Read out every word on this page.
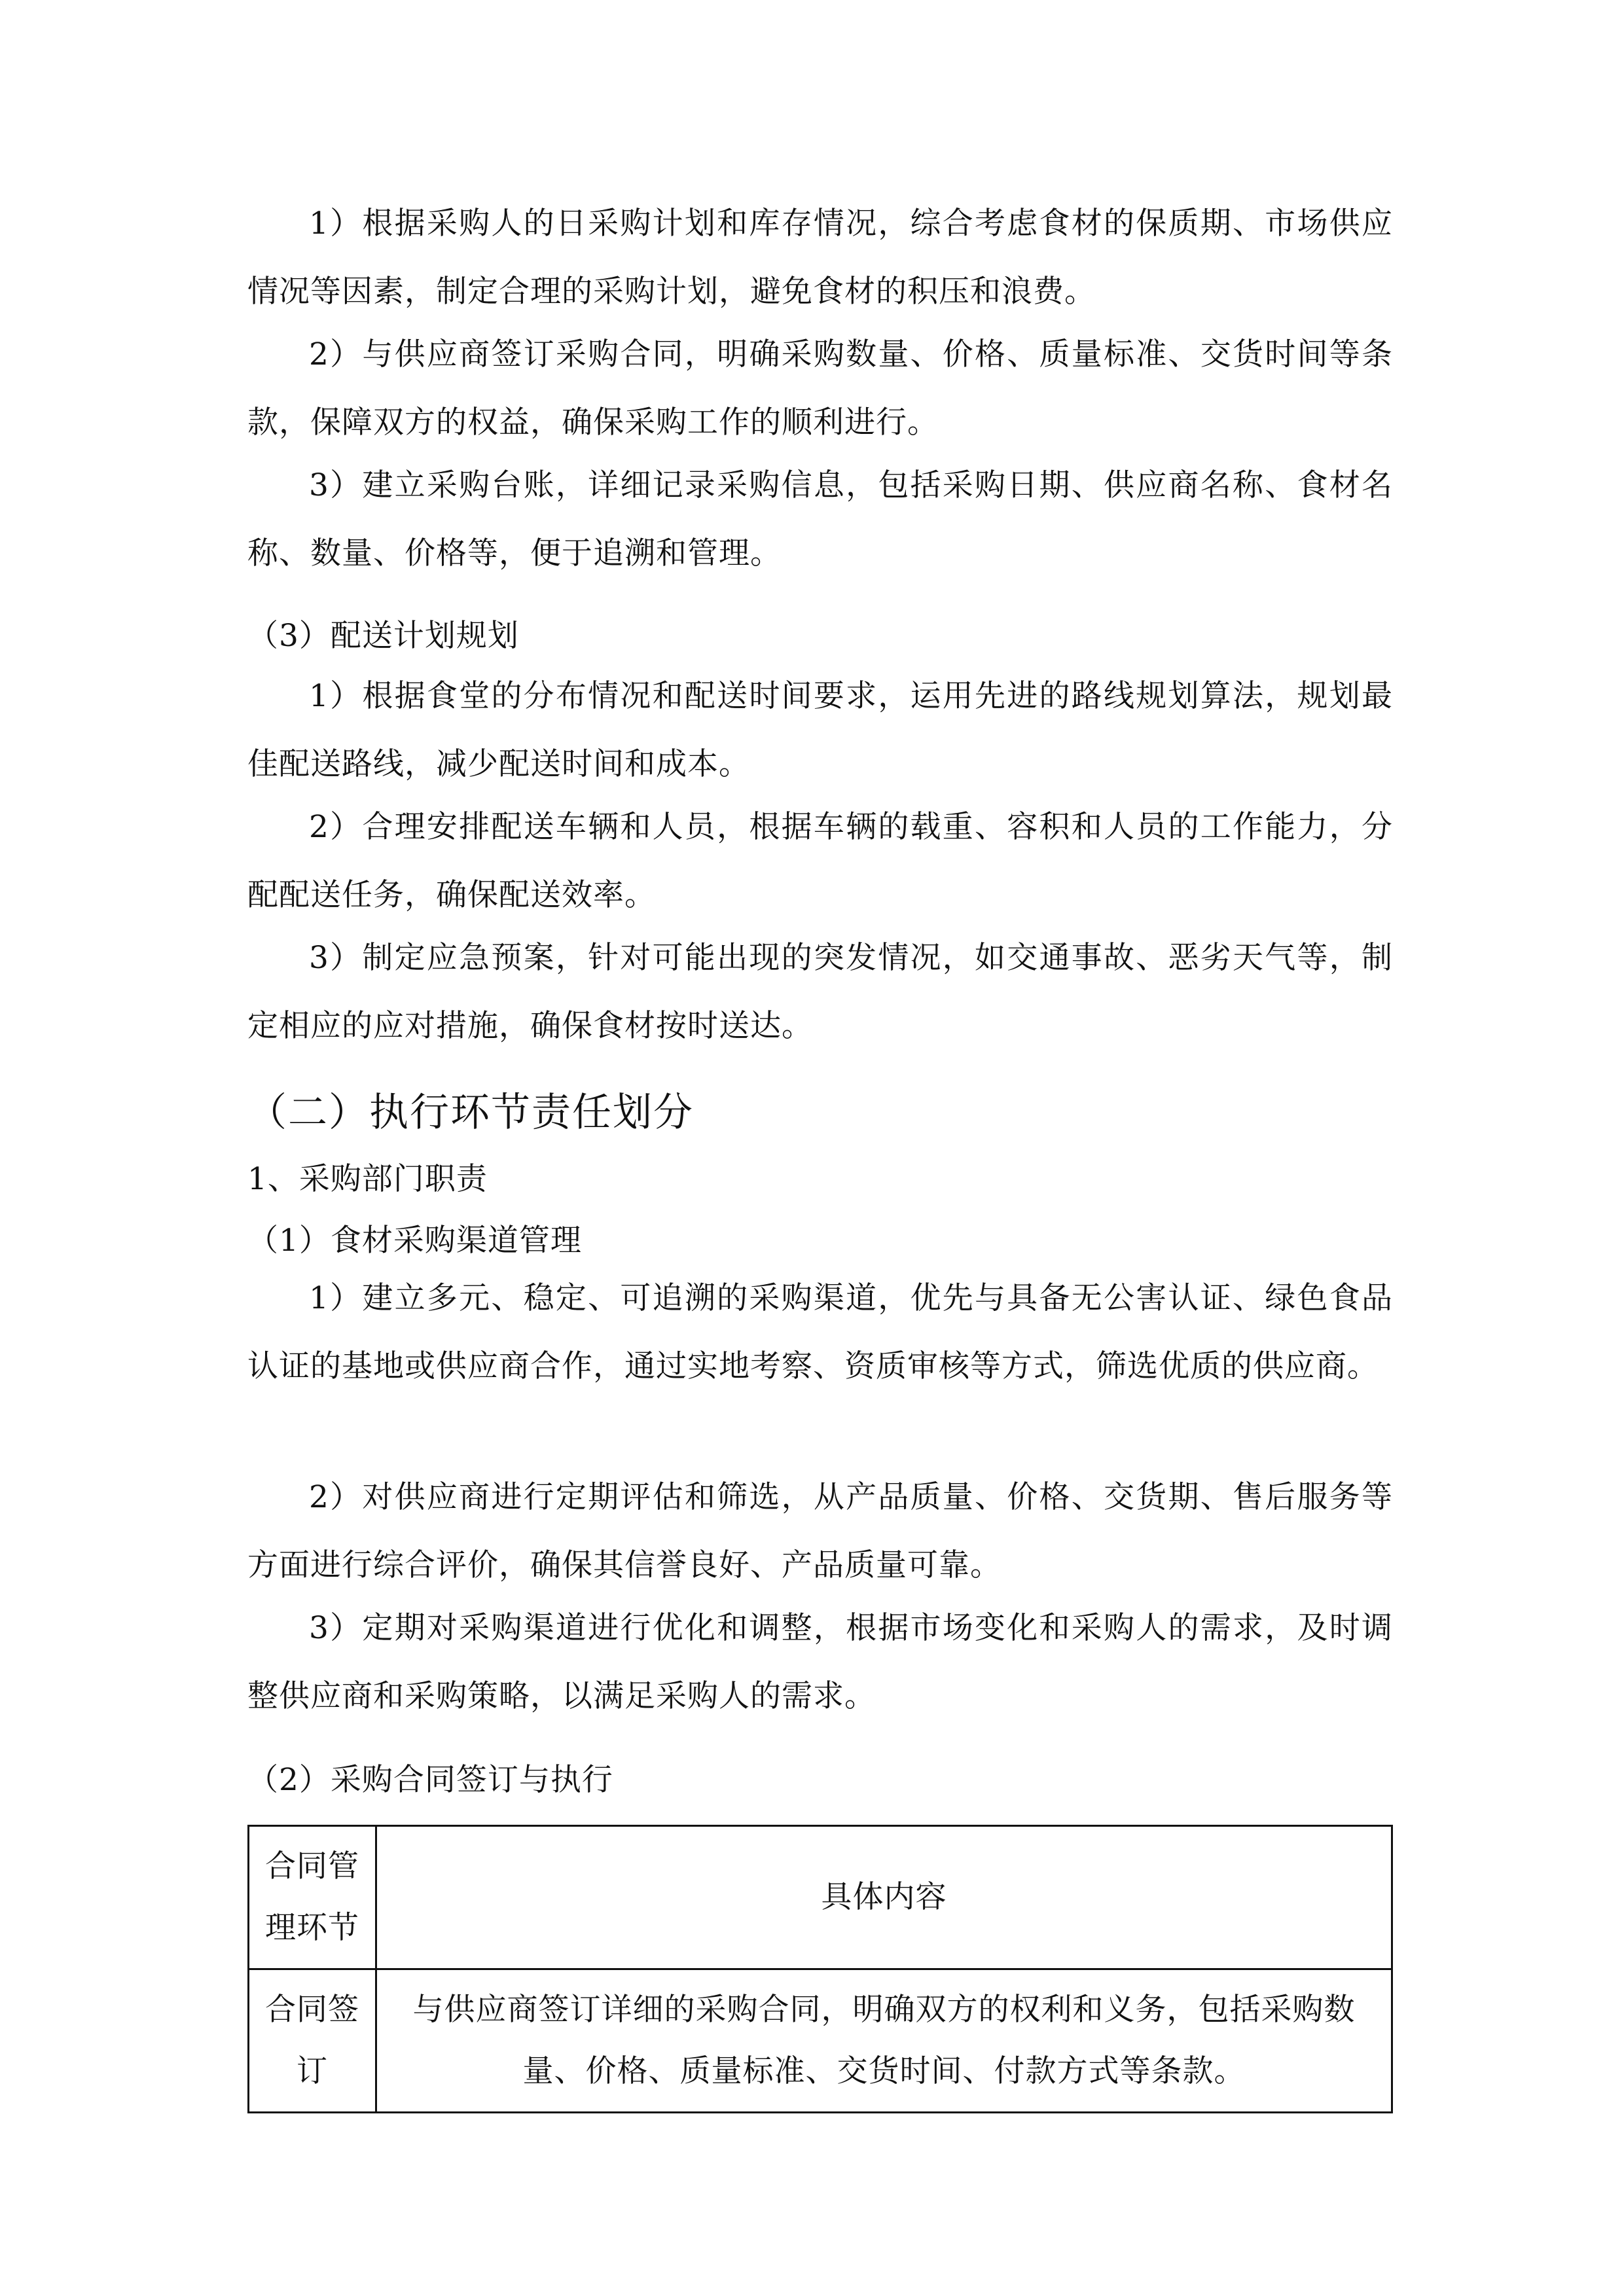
1）根据采购人的日采购计划和库存情况，综合考虑食材的保质期、市场供应情况等因素，制定合理的采购计划，避免食材的积压和浪费。

2）与供应商签订采购合同，明确采购数量、价格、质量标准、交货时间等条款，保障双方的权益，确保采购工作的顺利进行。

3）建立采购台账，详细记录采购信息，包括采购日期、供应商名称、食材名称、数量、价格等，便于追溯和管理。

（3）配送计划规划

1）根据食堂的分布情况和配送时间要求，运用先进的路线规划算法，规划最佳配送路线，减少配送时间和成本。

2）合理安排配送车辆和人员，根据车辆的载重、容积和人员的工作能力，分配配送任务，确保配送效率。

3）制定应急预案，针对可能出现的突发情况，如交通事故、恶劣天气等，制定相应的应对措施，确保食材按时送达。

（二）执行环节责任划分

1、采购部门职责

（1）食材采购渠道管理

1）建立多元、稳定、可追溯的采购渠道，优先与具备无公害认证、绿色食品认证的基地或供应商合作，通过实地考察、资质审核等方式，筛选优质的供应商。

2）对供应商进行定期评估和筛选，从产品质量、价格、交货期、售后服务等方面进行综合评价，确保其信誉良好、产品质量可靠。

3）定期对采购渠道进行优化和调整，根据市场变化和采购人的需求，及时调整供应商和采购策略，以满足采购人的需求。

（2）采购合同签订与执行

合同管理环节	具体内容
合同签订	与供应商签订详细的采购合同，明确双方的权利和义务，包括采购数量、价格、质量标准、交货时间、付款方式等条款。
